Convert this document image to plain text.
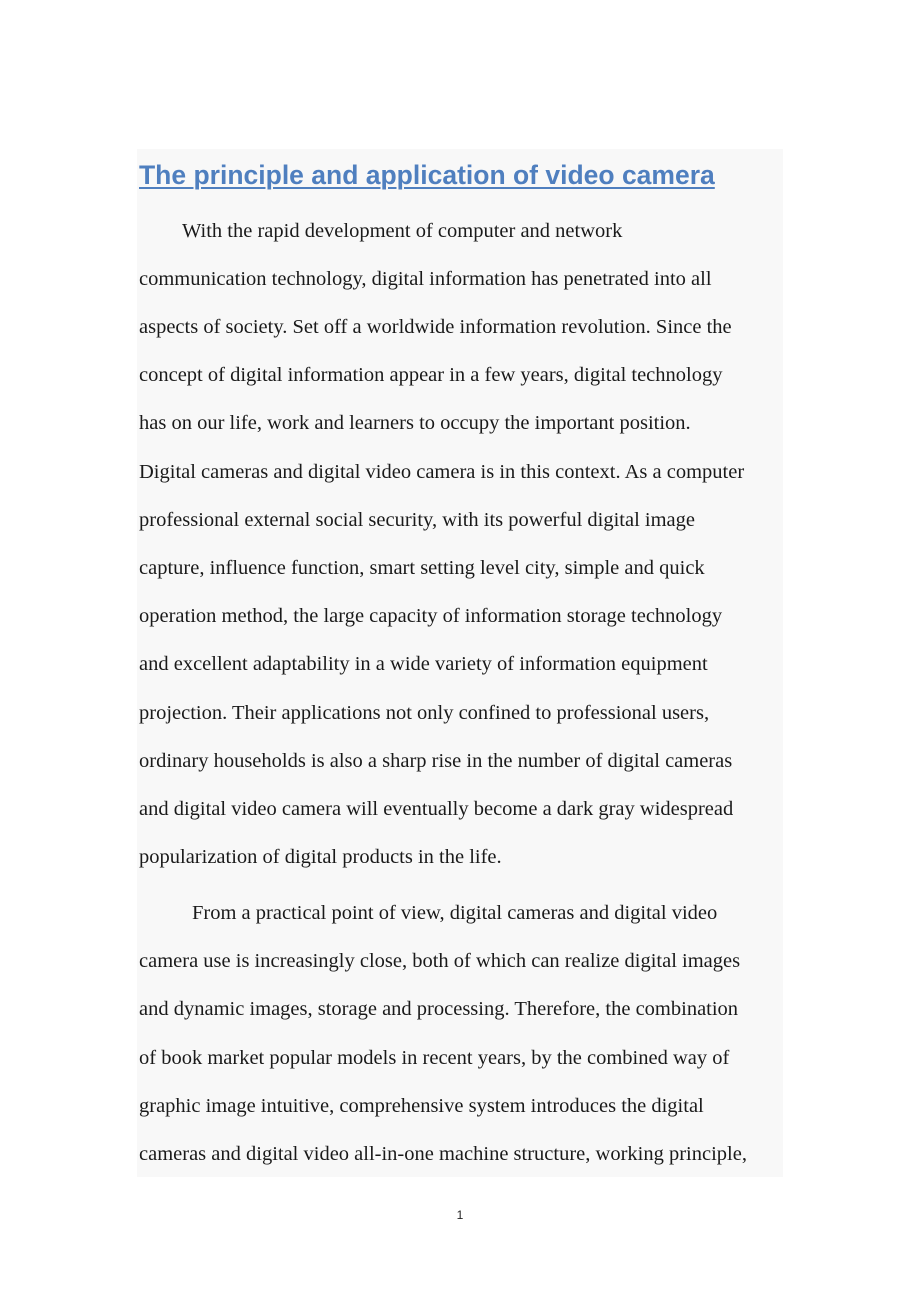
The principle and application of video camera

With the rapid development of computer and network

communication technology, digital information has penetrated into all

aspects of society. Set off a worldwide information revolution. Since the

concept of digital information appear in a few years, digital technology

has on our life, work and learners to occupy the important position.

Digital cameras and digital video camera is in this context. As a computer

professional external social security, with its powerful digital image

capture, influence function, smart setting level city, simple and quick

operation method, the large capacity of information storage technology

and excellent adaptability in a wide variety of information equipment

projection. Their applications not only confined to professional users,

ordinary households is also a sharp rise in the number of digital cameras

and digital video camera will eventually become a dark gray widespread

popularization of digital products in the life.

From a practical point of view, digital cameras and digital video

camera use is increasingly close, both of which can realize digital images

and dynamic images, storage and processing. Therefore, the combination

of book market popular models in recent years, by the combined way of

graphic image intuitive, comprehensive system introduces the digital

cameras and digital video all-in-one machine structure, working principle,

1
